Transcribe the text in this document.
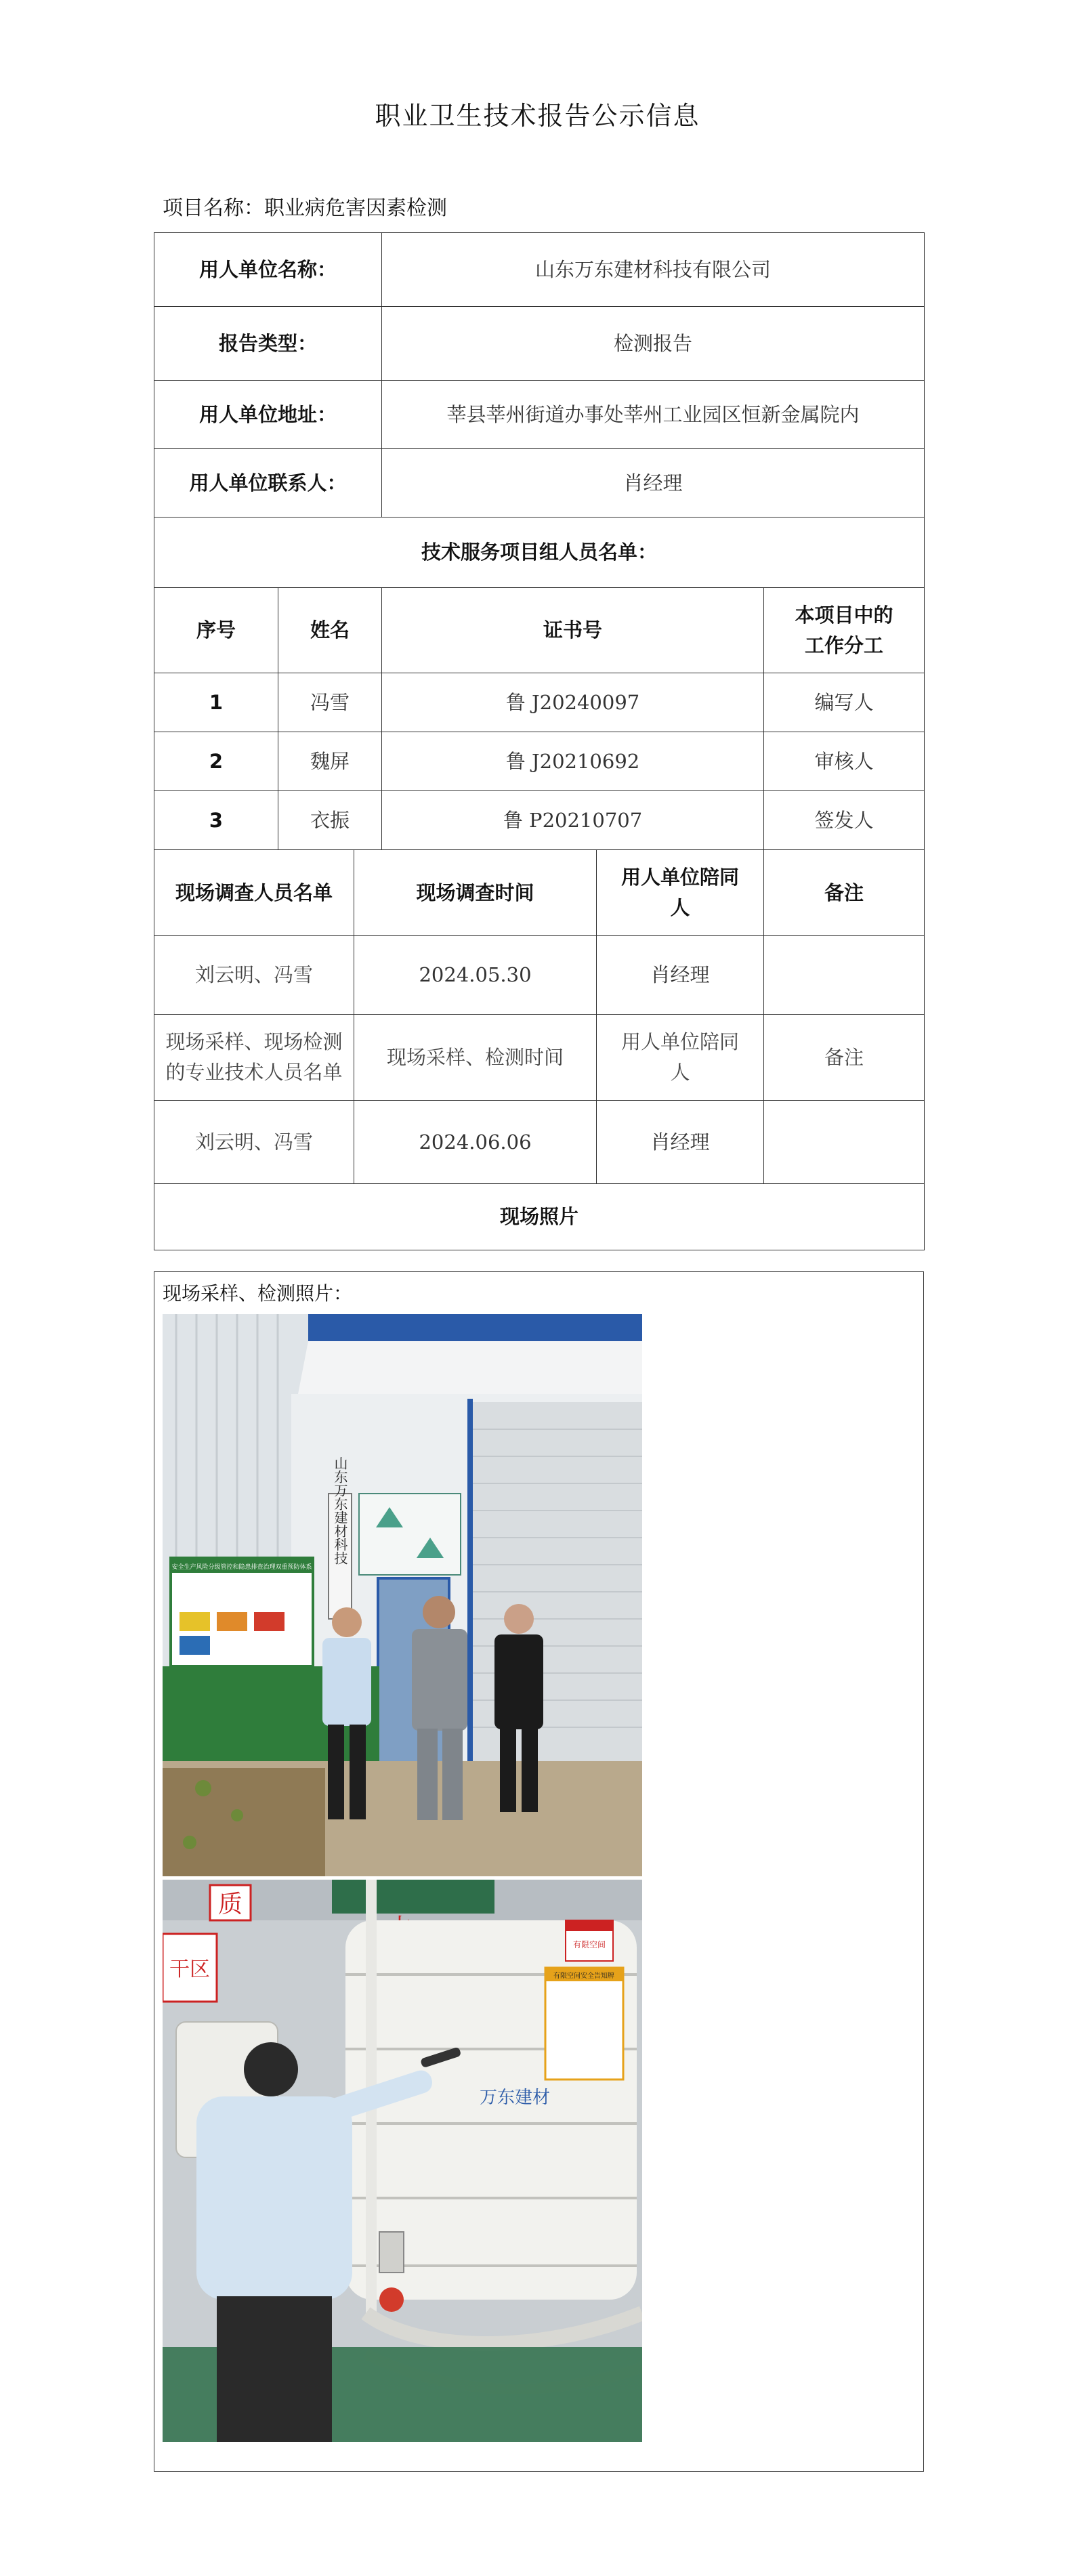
职业卫生技术报告公示信息
项目名称：职业病危害因素检测
用人单位名称：			山东万东建材科技有限公司		
报告类型：			检测报告		
用人单位地址：			莘县莘州街道办事处莘州工业园区恒新金属院内		
用人单位联系人：			肖经理		
技术服务项目组人员名单：					
序号	姓名		证书号		本项目中的工作分工
1	冯雪		鲁 J20240097		编写人
2	魏屏		鲁 J20210692		审核人
3	衣振		鲁 P20210707		签发人
现场调查人员名单		现场调查时间		用人单位陪同人	备注
刘云明、冯雪		2024.05.30		肖经理	
现场采样、现场检测的专业技术人员名单		现场采样、检测时间		用人单位陪同人	备注
刘云明、冯雪		2024.06.06		肖经理	
现场照片					
现场采样、检测照片：
山东万东建材科技
安全生产风险分级管控和隐患排查治理双重预防体系
质
干区
万东建材
有限空间
有限空间安全告知牌
